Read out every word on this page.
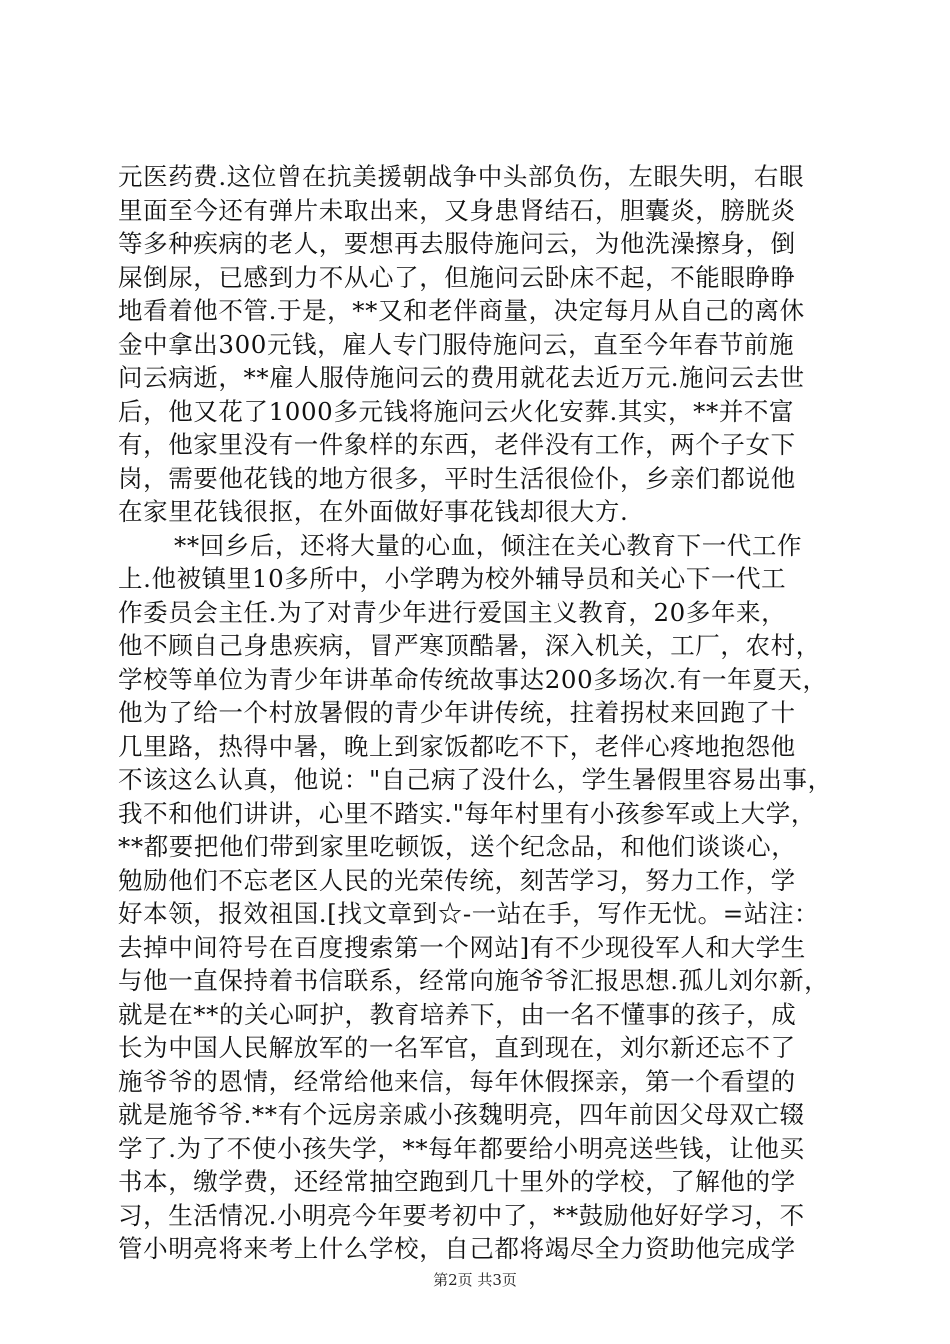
元医药费.这位曾在抗美援朝战争中头部负伤，左眼失明，右眼
里面至今还有弹片未取出来，又身患肾结石，胆囊炎，膀胱炎
等多种疾病的老人，要想再去服侍施问云，为他洗澡擦身，倒
屎倒尿，已感到力不从心了，但施问云卧床不起，不能眼睁睁
地看着他不管.于是，**又和老伴商量，决定每月从自己的离休
金中拿出300元钱，雇人专门服侍施问云，直至今年春节前施
问云病逝，**雇人服侍施问云的费用就花去近万元.施问云去世
后，他又花了1000多元钱将施问云火化安葬.其实，**并不富
有，他家里没有一件象样的东西，老伴没有工作，两个子女下
岗，需要他花钱的地方很多，平时生活很俭仆，乡亲们都说他
在家里花钱很抠，在外面做好事花钱却很大方.
**回乡后，还将大量的心血，倾注在关心教育下一代工作
上.他被镇里10多所中，小学聘为校外辅导员和关心下一代工
作委员会主任.为了对青少年进行爱国主义教育，20多年来，
他不顾自己身患疾病，冒严寒顶酷暑，深入机关，工厂，农村，
学校等单位为青少年讲革命传统故事达200多场次.有一年夏天，
他为了给一个村放暑假的青少年讲传统，拄着拐杖来回跑了十
几里路，热得中暑，晚上到家饭都吃不下，老伴心疼地抱怨他
不该这么认真，他说："自己病了没什么，学生暑假里容易出事，
我不和他们讲讲，心里不踏实."每年村里有小孩参军或上大学，
**都要把他们带到家里吃顿饭，送个纪念品，和他们谈谈心，
勉励他们不忘老区人民的光荣传统，刻苦学习，努力工作，学
好本领，报效祖国.[找文章到☆-一站在手，写作无忧。=站注：
去掉中间符号在百度搜索第一个网站]有不少现役军人和大学生
与他一直保持着书信联系，经常向施爷爷汇报思想.孤儿刘尔新，
就是在**的关心呵护，教育培养下，由一名不懂事的孩子，成
长为中国人民解放军的一名军官，直到现在，刘尔新还忘不了
施爷爷的恩情，经常给他来信，每年休假探亲，第一个看望的
就是施爷爷.**有个远房亲戚小孩魏明亮，四年前因父母双亡辍
学了.为了不使小孩失学，**每年都要给小明亮送些钱，让他买
书本，缴学费，还经常抽空跑到几十里外的学校，了解他的学
习，生活情况.小明亮今年要考初中了，**鼓励他好好学习，不
管小明亮将来考上什么学校，自己都将竭尽全力资助他完成学
第2页 共3页
